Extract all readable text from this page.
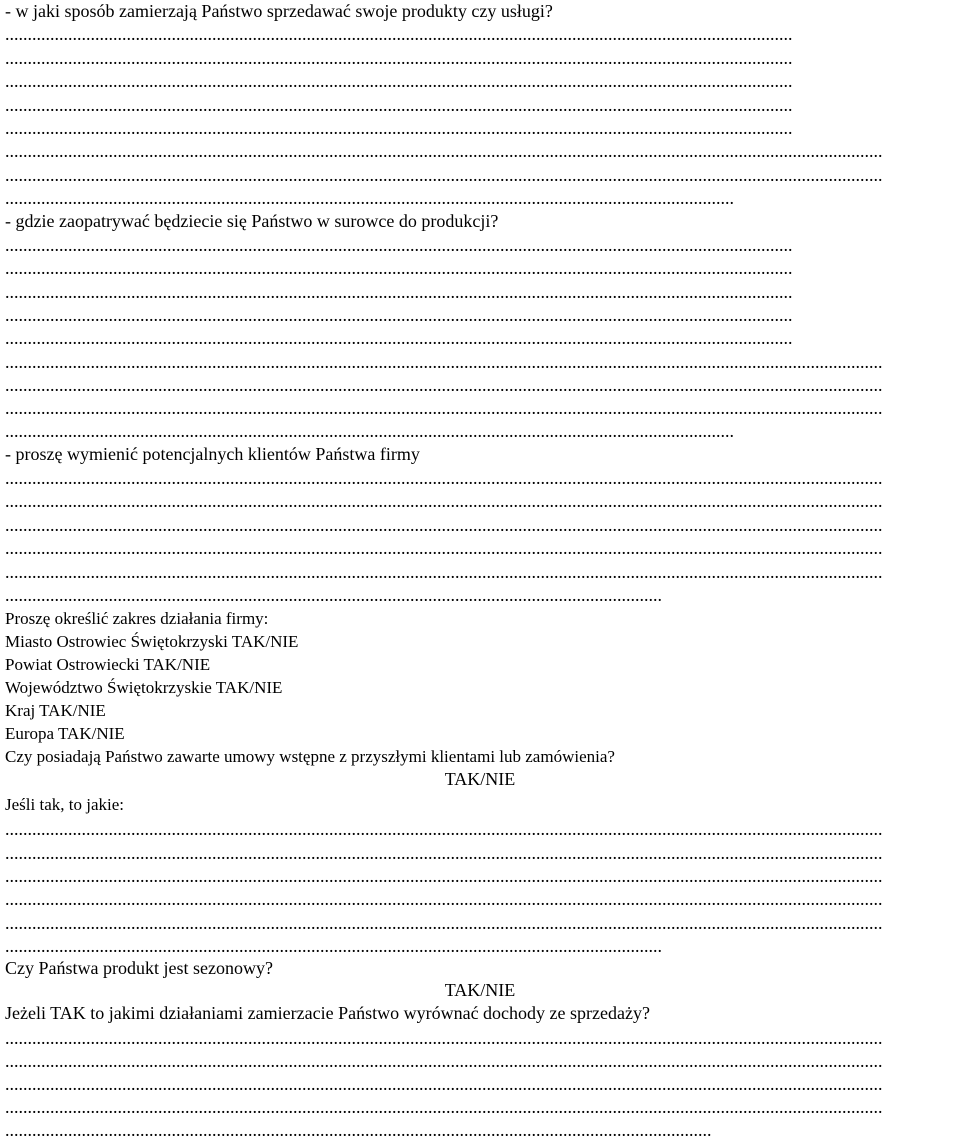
- w jaki sposób zamierzają Państwo sprzedawać swoje produkty czy usługi?
...............................................................................................................................................................................
...............................................................................................................................................................................
...............................................................................................................................................................................
...............................................................................................................................................................................
...............................................................................................................................................................................
...................................................................................................................................................................................................
...................................................................................................................................................................................................
..................................................................................................................................................................
- gdzie zaopatrywać będziecie się Państwo w surowce do produkcji?
...............................................................................................................................................................................
...............................................................................................................................................................................
...............................................................................................................................................................................
...............................................................................................................................................................................
...............................................................................................................................................................................
...................................................................................................................................................................................................
...................................................................................................................................................................................................
...................................................................................................................................................................................................
..................................................................................................................................................................
- proszę wymienić potencjalnych klientów Państwa firmy
...................................................................................................................................................................................................
...................................................................................................................................................................................................
...................................................................................................................................................................................................
...................................................................................................................................................................................................
...................................................................................................................................................................................................
..................................................................................................................................................
Proszę określić zakres działania firmy:
Miasto Ostrowiec Świętokrzyski TAK/NIE
Powiat Ostrowiecki TAK/NIE
Województwo Świętokrzyskie TAK/NIE
Kraj TAK/NIE
Europa TAK/NIE
Czy posiadają Państwo zawarte umowy wstępne z przyszłymi klientami lub zamówienia?
TAK/NIE
Jeśli tak, to jakie:
...................................................................................................................................................................................................
...................................................................................................................................................................................................
...................................................................................................................................................................................................
...................................................................................................................................................................................................
...................................................................................................................................................................................................
..................................................................................................................................................
Czy Państwa produkt jest sezonowy?
TAK/NIE
Jeżeli TAK to jakimi działaniami zamierzacie Państwo wyrównać dochody ze sprzedaży?
...................................................................................................................................................................................................
...................................................................................................................................................................................................
...................................................................................................................................................................................................
...................................................................................................................................................................................................
.............................................................................................................................................................
